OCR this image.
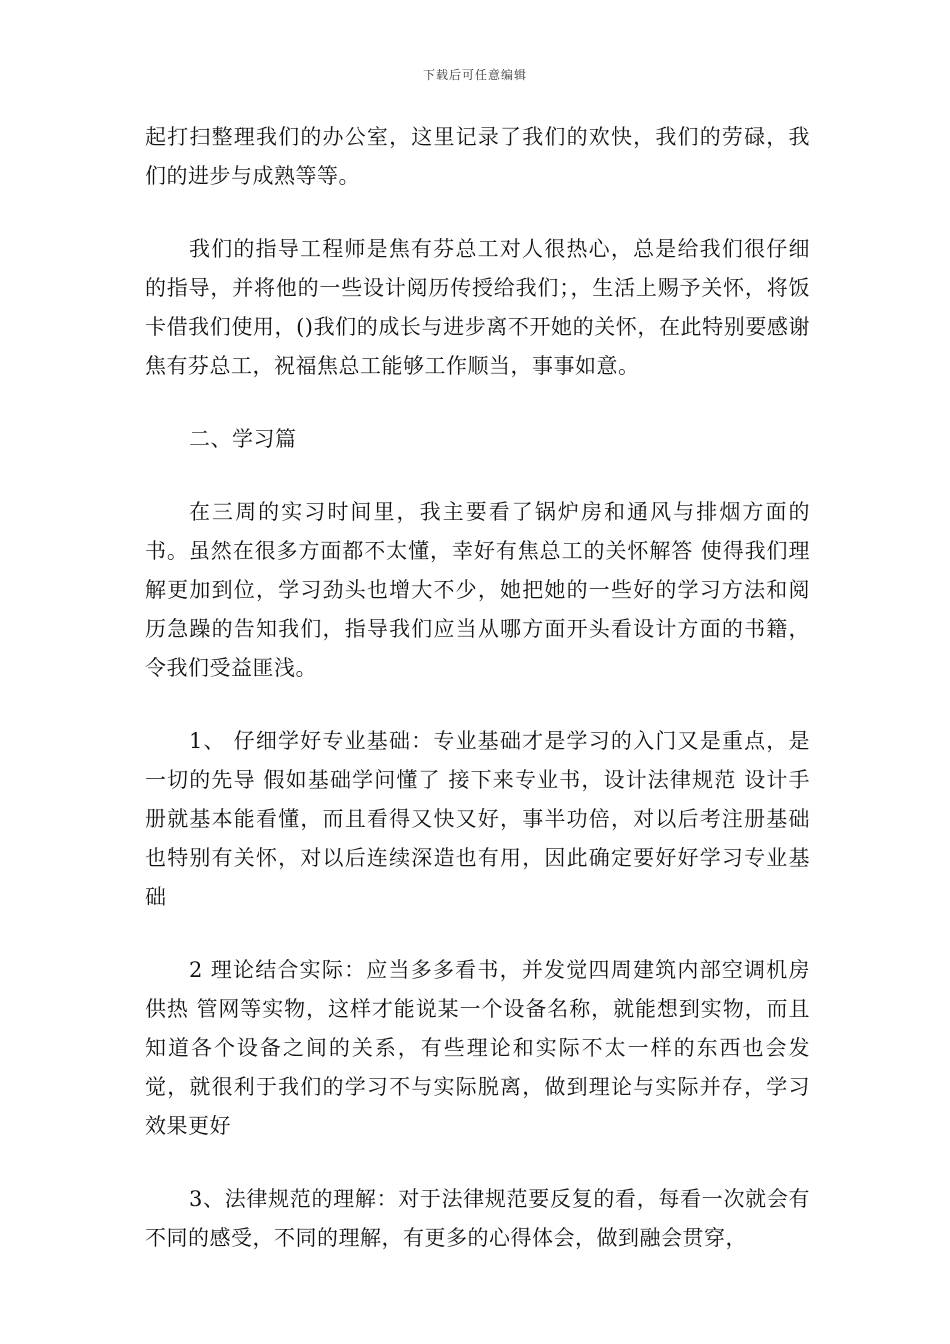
下载后可任意编辑

起打扫整理我们的办公室，这里记录了我们的欢快，我们的劳碌，我们的进步与成熟等等。

我们的指导工程师是焦有芬总工对人很热心，总是给我们很仔细的指导，并将他的一些设计阅历传授给我们；，生活上赐予关怀，将饭卡借我们使用，()我们的成长与进步离不开她的关怀，在此特别要感谢焦有芬总工，祝福焦总工能够工作顺当，事事如意。

二、学习篇

在三周的实习时间里，我主要看了锅炉房和通风与排烟方面的书。虽然在很多方面都不太懂，幸好有焦总工的关怀解答 使得我们理解更加到位，学习劲头也增大不少，她把她的一些好的学习方法和阅历急躁的告知我们，指导我们应当从哪方面开头看设计方面的书籍，令我们受益匪浅。

1、 仔细学好专业基础：专业基础才是学习的入门又是重点，是一切的先导 假如基础学问懂了 接下来专业书，设计法律规范 设计手册就基本能看懂，而且看得又快又好，事半功倍，对以后考注册基础也特别有关怀，对以后连续深造也有用，因此确定要好好学习专业基础

2 理论结合实际：应当多多看书，并发觉四周建筑内部空调机房 供热 管网等实物，这样才能说某一个设备名称，就能想到实物，而且知道各个设备之间的关系，有些理论和实际不太一样的东西也会发觉，就很利于我们的学习不与实际脱离，做到理论与实际并存，学习效果更好

3、法律规范的理解：对于法律规范要反复的看，每看一次就会有不同的感受，不同的理解，有更多的心得体会，做到融会贯穿，
